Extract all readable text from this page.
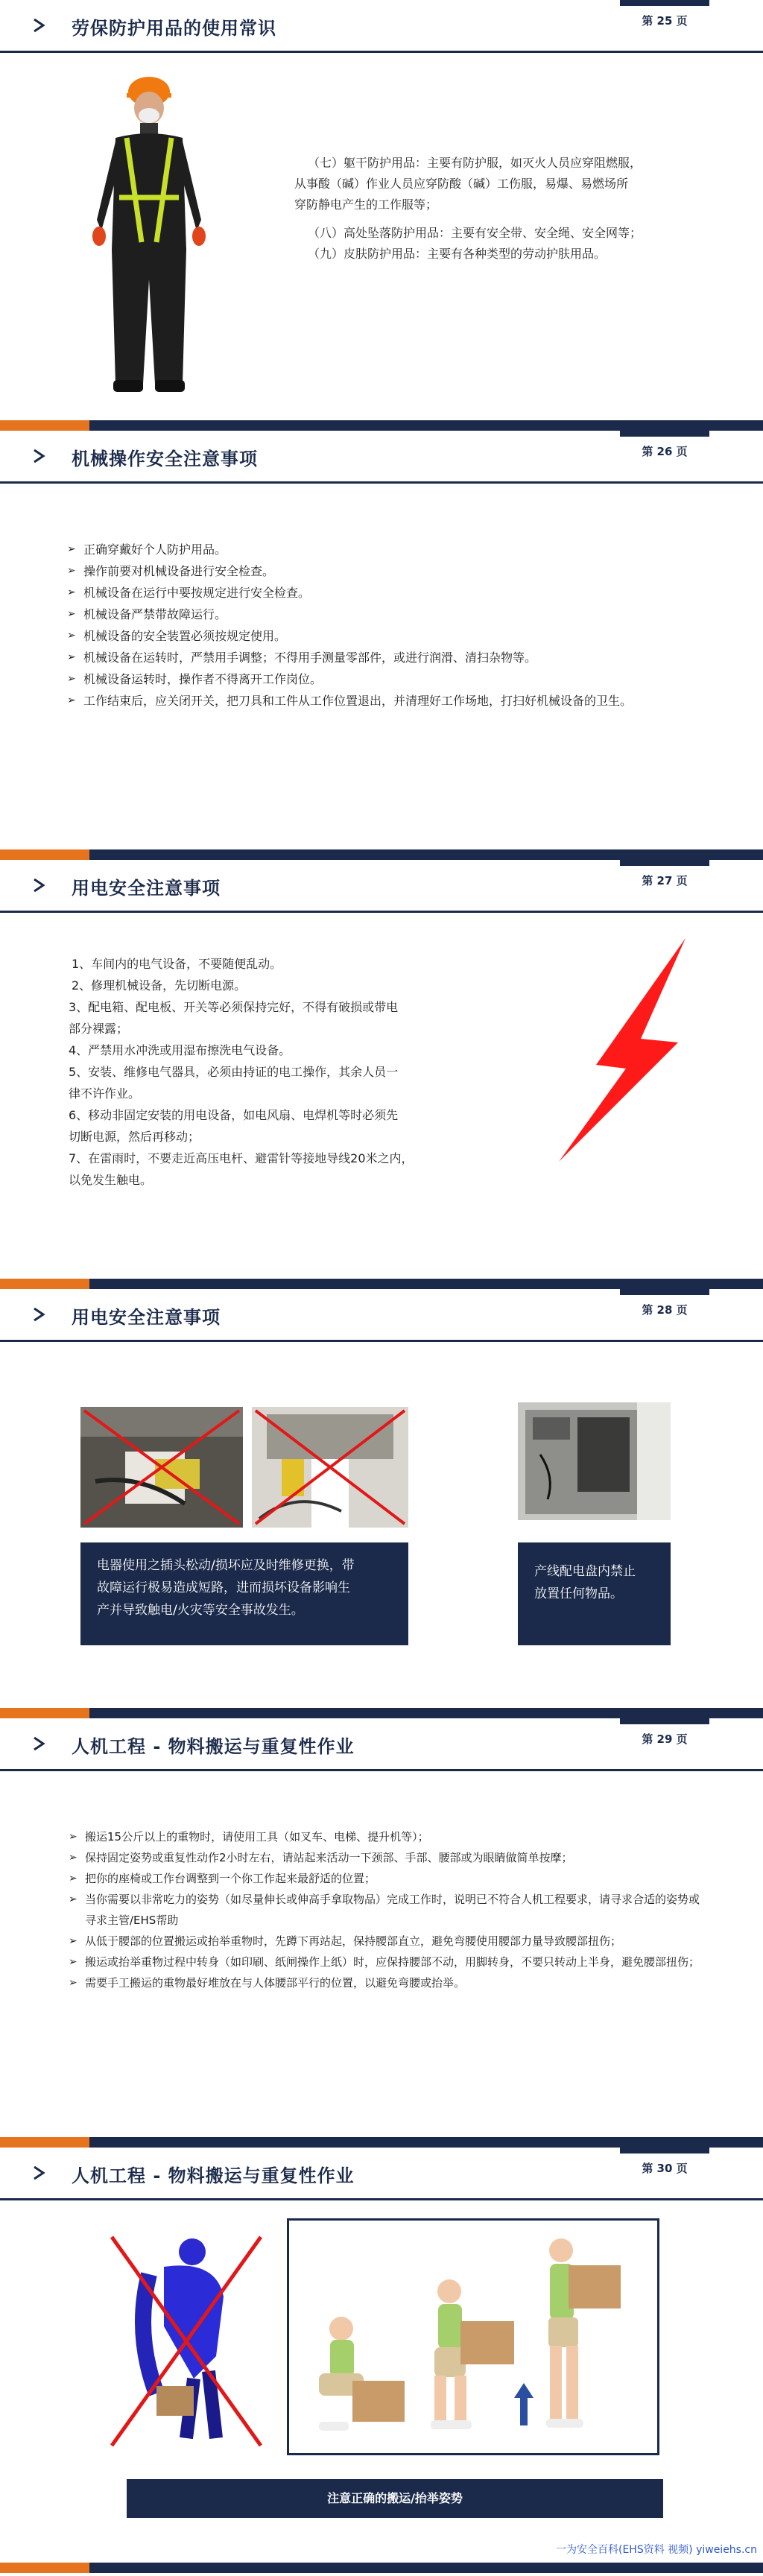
劳保防护用品的使用常识	第 25 页

（七）躯干防护用品：主要有防护服，如灭火人员应穿阻燃服，

从事酸（碱）作业人员应穿防酸（碱）工伤服，易爆、易燃场所

穿防静电产生的工作服等；

（八）高处坠落防护用品：主要有安全带、安全绳、安全网等；

（九）皮肤防护用品：主要有各种类型的劳动护肤用品。

机械操作安全注意事项	第 26 页
➢ 正确穿戴好个人防护用品。
➢ 操作前要对机械设备进行安全检查。
➢ 机械设备在运行中要按规定进行安全检查。
➢ 机械设备严禁带故障运行。
➢ 机械设备的安全装置必须按规定使用。
➢ 机械设备在运转时，严禁用手调整；不得用手测量零部件，或进行润滑、清扫杂物等。
➢ 机械设备运转时，操作者不得离开工作岗位。
➢ 工作结束后，应关闭开关，把刀具和工件从工作位置退出，并清理好工作场地，打扫好机械设备的卫生。
用电安全注意事项	第 27 页

1、车间内的电气设备，不要随便乱动。

2、修理机械设备，先切断电源。

3、配电箱、配电板、开关等必须保持完好，不得有破损或带电

部分裸露；

4、严禁用水冲洗或用湿布擦洗电气设备。

5、安装、维修电气器具，必须由持证的电工操作，其余人员一

律不许作业。

6、移动非固定安装的用电设备，如电风扇、电焊机等时必须先

切断电源，然后再移动；

7、在雷雨时，不要走近高压电杆、避雷针等接地导线20米之内，

以免发生触电。

用电安全注意事项	第 28 页
电器使用之插头松动/损坏应及时维修更换，带
故障运行极易造成短路，进而损坏设备影响生
产并导致触电/火灾等安全事故发生。
产线配电盘内禁止
放置任何物品。
人机工程 - 物料搬运与重复性作业	第 29 页
➢ 搬运15公斤以上的重物时，请使用工具（如叉车、电梯、提升机等）；
➢ 保持固定姿势或重复性动作2小时左右，请站起来活动一下颈部、手部、腰部或为眼睛做简单按摩；
➢ 把你的座椅或工作台调整到一个你工作起来最舒适的位置；
➢ 当你需要以非常吃力的姿势（如尽量伸长或伸高手拿取物品）完成工作时，说明已不符合人机工程要求，请寻求合适的姿势或寻求主管/EHS帮助
➢ 从低于腰部的位置搬运或抬举重物时，先蹲下再站起，保持腰部直立，避免弯腰使用腰部力量导致腰部扭伤；
➢ 搬运或抬举重物过程中转身（如印刷、纸闸操作上纸）时，应保持腰部不动，用脚转身，不要只转动上半身，避免腰部扭伤；
➢ 需要手工搬运的重物最好堆放在与人体腰部平行的位置，以避免弯腰或抬举。
人机工程 - 物料搬运与重复性作业	第 30 页
注意正确的搬运/抬举姿势
一为安全百科(EHS资料 视频) yiweiehs.cn
